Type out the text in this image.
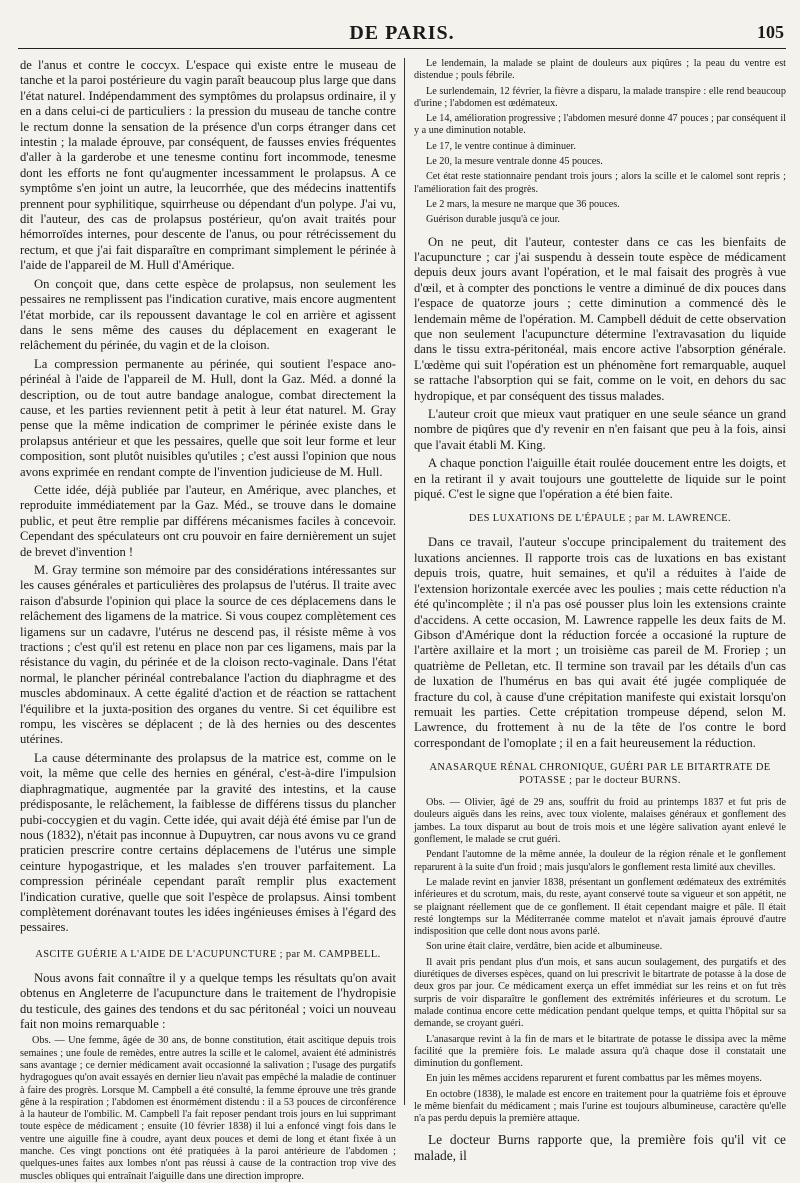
DE PARIS.	105

de l'anus et contre le coccyx. L'espace qui existe entre le museau de tanche et la paroi postérieure du vagin paraît beaucoup plus large que dans l'état naturel. Indépendamment des symptômes du prolapsus ordinaire, il y en a dans celui-ci de particuliers : la pression du museau de tanche contre le rectum donne la sensation de la présence d'un corps étranger dans cet intestin ; la malade éprouve, par conséquent, de fausses envies fréquentes d'aller à la garderobe et une tenesme continu fort incommode, tenesme dont les efforts ne font qu'augmenter incessamment le prolapsus. A ce symptôme s'en joint un autre, la leucorrhée, que des médecins inattentifs prennent pour syphilitique, squirrheuse ou dépendant d'un polype. J'ai vu, dit l'auteur, des cas de prolapsus postérieur, qu'on avait traités pour hémorroïdes internes, pour descente de l'anus, ou pour rétrécissement du rectum, et que j'ai fait disparaître en comprimant simplement le périnée à l'aide de l'appareil de M. Hull d'Amérique.

On conçoit que, dans cette espèce de prolapsus, non seulement les pessaires ne remplissent pas l'indication curative, mais encore augmentent l'état morbide, car ils repoussent davantage le col en arrière et agissent dans le sens même des causes du déplacement en exagerant le relâchement du périnée, du vagin et de la cloison.

La compression permanente au périnée, qui soutient l'espace ano-périnéal à l'aide de l'appareil de M. Hull, dont la Gaz. Méd. a donné la description, ou de tout autre bandage analogue, combat directement la cause, et les parties reviennent petit à petit à leur état naturel. M. Gray pense que la même indication de comprimer le périnée existe dans le prolapsus antérieur et que les pessaires, quelle que soit leur forme et leur composition, sont plutôt nuisibles qu'utiles ; c'est aussi l'opinion que nous avons exprimée en rendant compte de l'invention judicieuse de M. Hull.

Cette idée, déjà publiée par l'auteur, en Amérique, avec planches, et reproduite immédiatement par la Gaz. Méd., se trouve dans le domaine public, et peut être remplie par différens mécanismes faciles à concevoir. Cependant des spéculateurs ont cru pouvoir en faire dernièrement un sujet de brevet d'invention !

M. Gray termine son mémoire par des considérations intéressantes sur les causes générales et particulières des prolapsus de l'utérus. Il traite avec raison d'absurde l'opinion qui place la source de ces déplacemens dans le relâchement des ligamens de la matrice. Si vous coupez complètement ces ligamens sur un cadavre, l'utérus ne descend pas, il résiste même à vos tractions ; c'est qu'il est retenu en place non par ces ligamens, mais par la résistance du vagin, du périnée et de la cloison recto-vaginale. Dans l'état normal, le plancher périnéal contrebalance l'action du diaphragme et des muscles abdominaux. A cette égalité d'action et de réaction se rattachent l'équilibre et la juxta-position des organes du ventre. Si cet équilibre est rompu, les viscères se déplacent ; de là des hernies ou des descentes utérines.

La cause déterminante des prolapsus de la matrice est, comme on le voit, la même que celle des hernies en général, c'est-à-dire l'impulsion diaphragmatique, augmentée par la gravité des intestins, et la cause prédisposante, le relâchement, la faiblesse de différens tissus du plancher pubi-coccygien et du vagin. Cette idée, qui avait déjà été émise par l'un de nous (1832), n'était pas inconnue à Dupuytren, car nous avons vu ce grand praticien prescrire contre certains déplacemens de l'utérus une simple ceinture hypogastrique, et les malades s'en trouver parfaitement. La compression périnéale cependant paraît remplir plus exactement l'indication curative, quelle que soit l'espèce de prolapsus. Ainsi tombent complètement dorénavant toutes les idées ingénieuses émises à l'égard des pessaires.

ASCITE GUÉRIE A L'AIDE DE L'ACUPUNCTURE ; par M. CAMPBELL.

Nous avons fait connaître il y a quelque temps les résultats qu'on avait obtenus en Angleterre de l'acupuncture dans le traitement de l'hydropisie du testicule, des gaines des tendons et du sac péritonéal ; voici un nouveau fait non moins remarquable :

Obs. — Une femme, âgée de 30 ans, de bonne constitution, était ascitique depuis trois semaines ; une foule de remèdes, entre autres la scille et le calomel, avaient été administrés sans avantage ; ce dernier médicament avait occasionné la salivation ; l'usage des purgatifs hydragogues qu'on avait essayés en dernier lieu n'avait pas empêché la maladie de continuer à faire des progrès. Lorsque M. Campbell a été consulté, la femme éprouve une très grande gêne à la respiration ; l'abdomen est énormément distendu : il a 53 pouces de circonférence à la hauteur de l'ombilic. M. Campbell l'a fait reposer pendant trois jours en lui supprimant toute espèce de médicament ; ensuite (10 février 1838) il lui a enfoncé vingt fois dans le ventre une aiguille fine à coudre, ayant deux pouces et demi de long et étant fixée à un manche. Ces vingt ponctions ont été pratiquées à la paroi antérieure de l'abdomen ; quelques-unes faites aux lombes n'ont pas réussi à cause de la contraction trop vive des muscles obliques qui entraînait l'aiguille dans une direction impropre.

Le lendemain, la malade se plaint de douleurs aux piqûres ; la peau du ventre est distendue ; pouls fébrile.

Le surlendemain, 12 février, la fièvre a disparu, la malade transpire : elle rend beaucoup d'urine ; l'abdomen est œdémateux.

Le 14, amélioration progressive ; l'abdomen mesuré donne 47 pouces ; par conséquent il y a une diminution notable.

Le 17, le ventre continue à diminuer.

Le 20, la mesure ventrale donne 45 pouces.

Cet état reste stationnaire pendant trois jours ; alors la scille et le calomel sont repris ; l'amélioration fait des progrès.

Le 2 mars, la mesure ne marque que 36 pouces.

Guérison durable jusqu'à ce jour.

On ne peut, dit l'auteur, contester dans ce cas les bienfaits de l'acupuncture ; car j'ai suspendu à dessein toute espèce de médicament depuis deux jours avant l'opération, et le mal faisait des progrès à vue d'œil, et à compter des ponctions le ventre a diminué de dix pouces dans l'espace de quatorze jours ; cette diminution a commencé dès le lendemain même de l'opération. M. Campbell déduit de cette observation que non seulement l'acupuncture détermine l'extravasation du liquide dans le tissu extra-péritonéal, mais encore active l'absorption générale. L'œdème qui suit l'opération est un phénomène fort remarquable, auquel se rattache l'absorption qui se fait, comme on le voit, en dehors du sac hydropique, et par conséquent des tissus malades.

L'auteur croit que mieux vaut pratiquer en une seule séance un grand nombre de piqûres que d'y revenir en n'en faisant que peu à la fois, ainsi que l'avait établi M. King.

A chaque ponction l'aiguille était roulée doucement entre les doigts, et en la retirant il y avait toujours une gouttelette de liquide sur le point piqué. C'est le signe que l'opération a été bien faite.

DES LUXATIONS DE L'ÉPAULE ; par M. LAWRENCE.

Dans ce travail, l'auteur s'occupe principalement du traitement des luxations anciennes. Il rapporte trois cas de luxations en bas existant depuis trois, quatre, huit semaines, et qu'il a réduites à l'aide de l'extension horizontale exercée avec les poulies ; mais cette réduction n'a été qu'incomplète ; il n'a pas osé pousser plus loin les extensions crainte d'accidens. A cette occasion, M. Lawrence rappelle les deux faits de M. Gibson d'Amérique dont la réduction forcée a occasioné la rupture de l'artère axillaire et la mort ; un troisième cas pareil de M. Froriep ; un quatrième de Pelletan, etc. Il termine son travail par les détails d'un cas de luxation de l'humérus en bas qui avait été jugée compliquée de fracture du col, à cause d'une crépitation manifeste qui existait lorsqu'on remuait les parties. Cette crépitation trompeuse dépend, selon M. Lawrence, du frottement à nu de la tête de l'os contre le bord correspondant de l'omoplate ; il en a fait heureusement la réduction.

ANASARQUE RÉNAL CHRONIQUE, GUÉRI PAR LE BITARTRATE DE POTASSE ; par le docteur BURNS.

Obs. — Olivier, âgé de 29 ans, souffrit du froid au printemps 1837 et fut pris de douleurs aiguës dans les reins, avec toux violente, malaises généraux et gonflement des jambes. La toux disparut au bout de trois mois et une légère salivation ayant enlevé le gonflement, le malade se crut guéri.

Pendant l'automne de la même année, la douleur de la région rénale et le gonflement reparurent à la suite d'un froid ; mais jusqu'alors le gonflement resta limité aux chevilles.

Le malade revint en janvier 1838, présentant un gonflement œdémateux des extrémités inférieures et du scrotum, mais, du reste, ayant conservé toute sa vigueur et son appétit, ne se plaignant réellement que de ce gonflement. Il était cependant maigre et pâle. Il était resté longtemps sur la Méditerranée comme matelot et n'avait jamais éprouvé d'autre indisposition que celle dont nous avons parlé.

Son urine était claire, verdâtre, bien acide et albumineuse.

Il avait pris pendant plus d'un mois, et sans aucun soulagement, des purgatifs et des diurétiques de diverses espèces, quand on lui prescrivit le bitartrate de potasse à la dose de deux gros par jour. Ce médicament exerça un effet immédiat sur les reins et on fut très surpris de voir disparaître le gonflement des extrémités inférieures et du scrotum. Le malade continua encore cette médication pendant quelque temps, et quitta l'hôpital sur sa demande, se croyant guéri.

L'anasarque revint à la fin de mars et le bitartrate de potasse le dissipa avec la même facilité que la première fois. Le malade assura qu'à chaque dose il constatait une diminution du gonflement.

En juin les mêmes accidens reparurent et furent combattus par les mêmes moyens.

En octobre (1838), le malade est encore en traitement pour la quatrième fois et éprouve le même bienfait du médicament ; mais l'urine est toujours albumineuse, caractère qu'elle n'a pas perdu depuis la première attaque.

Le docteur Burns rapporte que, la première fois qu'il vit ce malade, il
